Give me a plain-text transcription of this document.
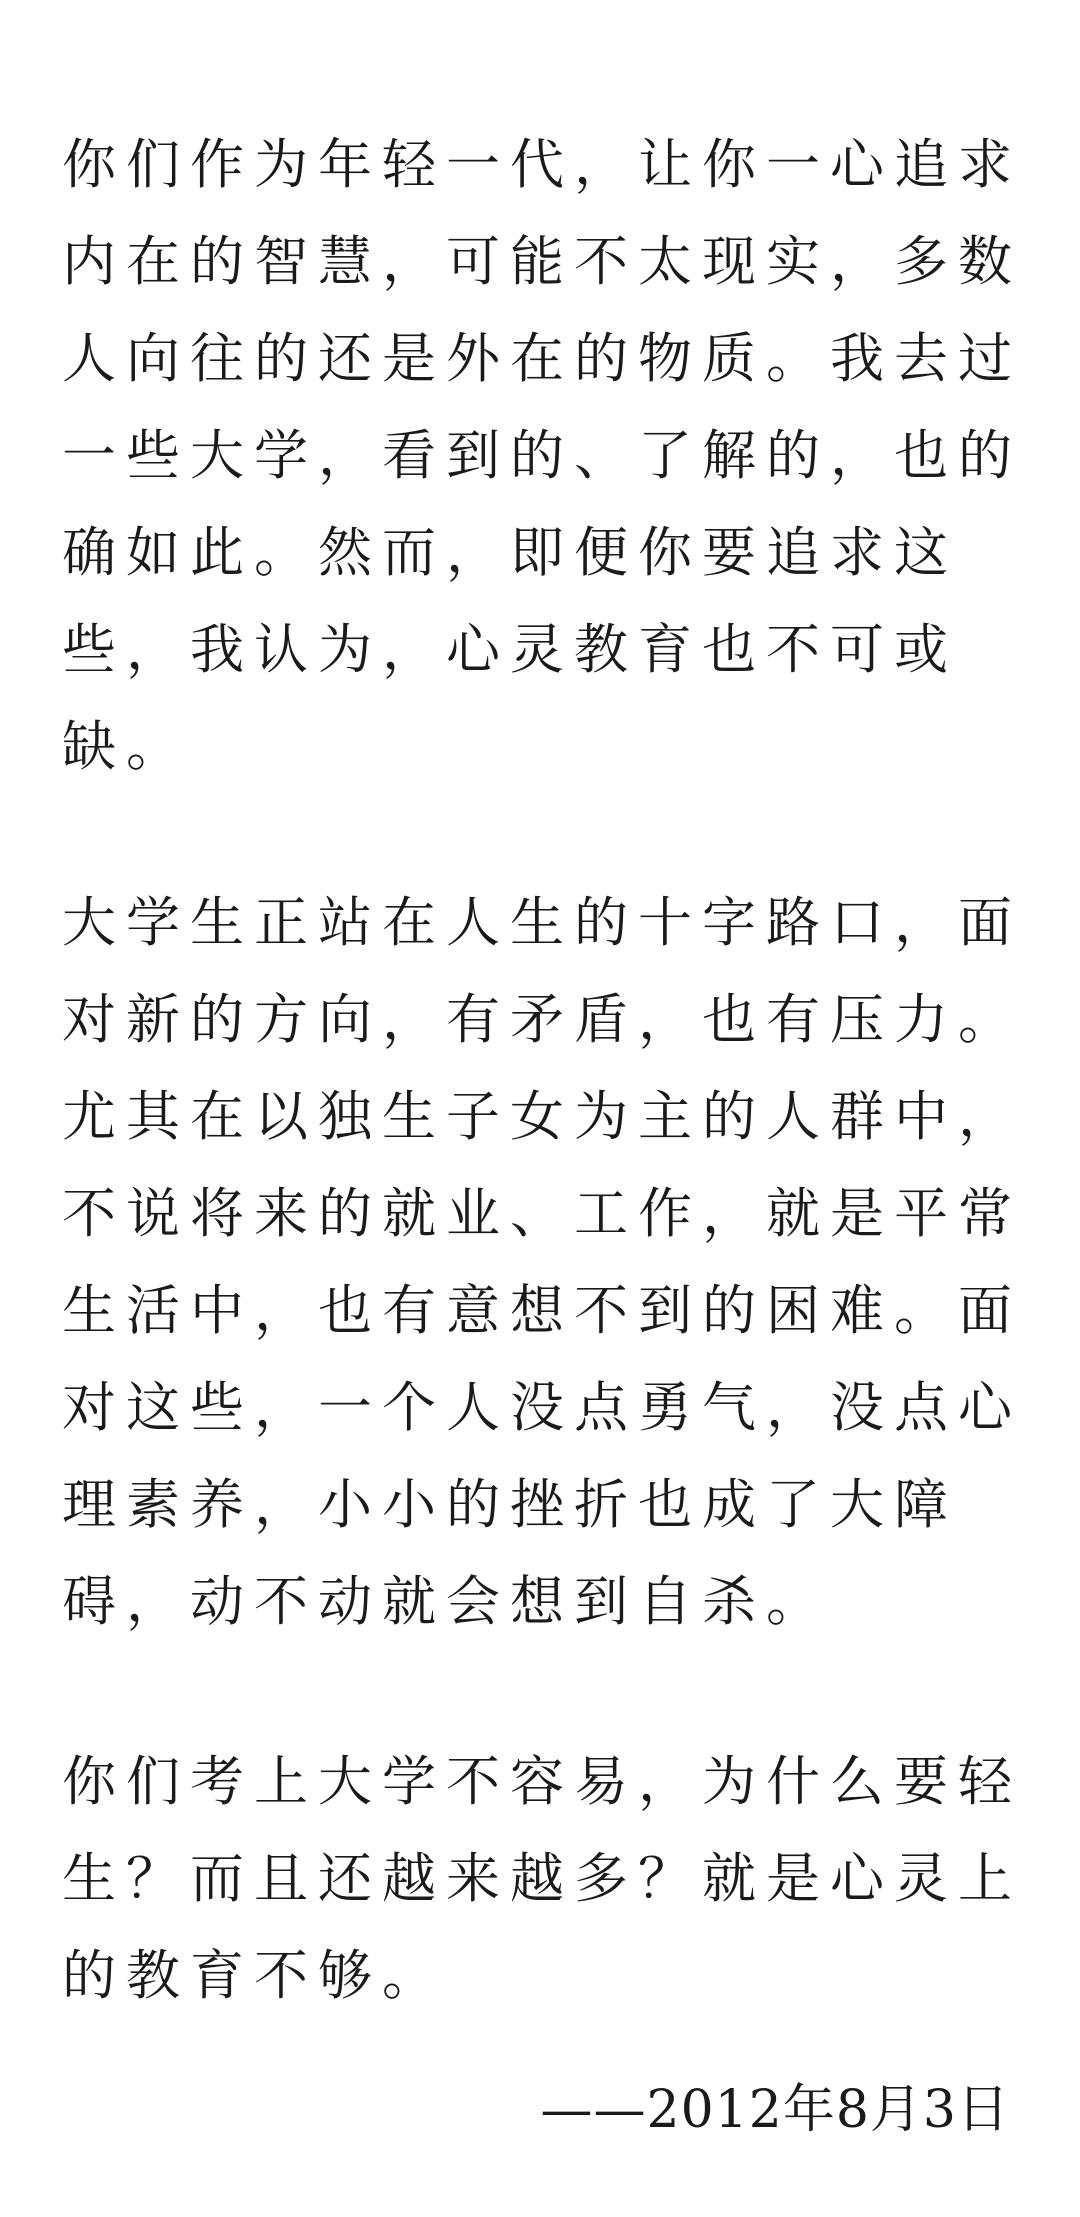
你们作为年轻一代，让你一心追求
内在的智慧，可能不太现实，多数
人向往的还是外在的物质。我去过
一些大学，看到的、了解的，也的
确如此。然而，即便你要追求这
些，我认为，心灵教育也不可或
缺。
大学生正站在人生的十字路口，面
对新的方向，有矛盾，也有压力。
尤其在以独生子女为主的人群中，
不说将来的就业、工作，就是平常
生活中，也有意想不到的困难。面
对这些，一个人没点勇气，没点心
理素养，小小的挫折也成了大障
碍，动不动就会想到自杀。
你们考上大学不容易，为什么要轻
生？而且还越来越多？就是心灵上
的教育不够。
——2012年8月3日
